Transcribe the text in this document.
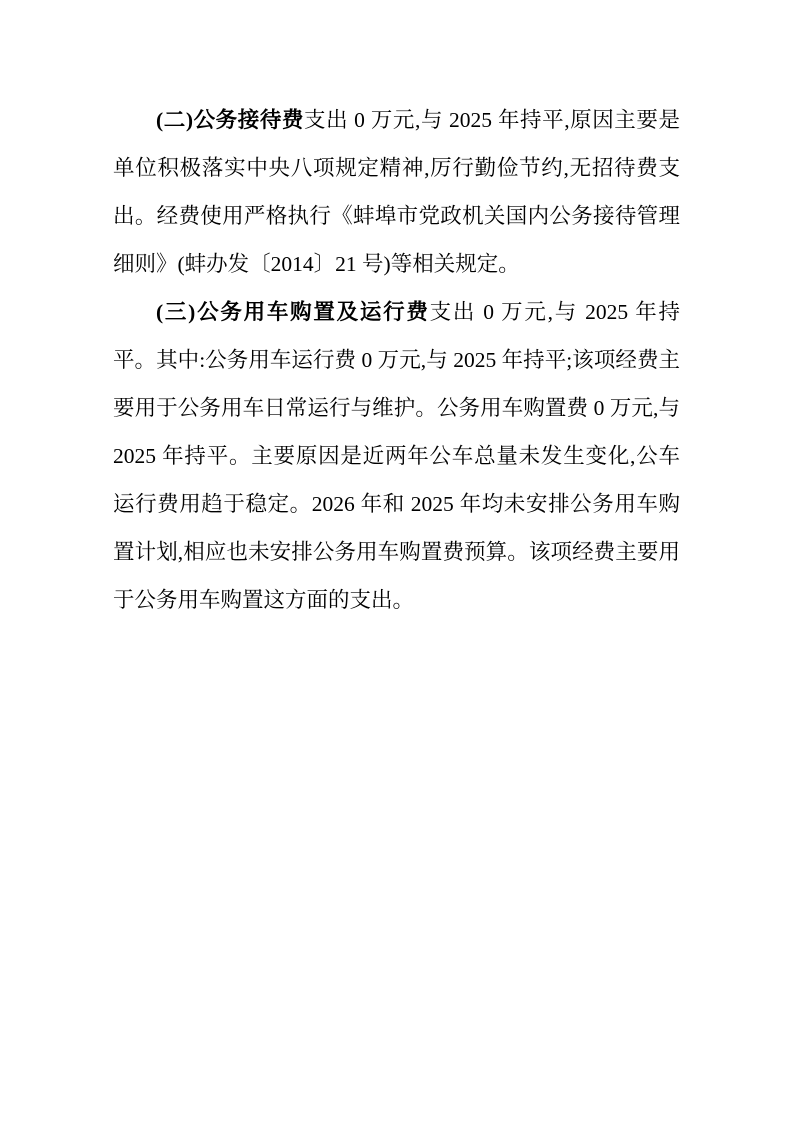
(二)公务接待费支出 0 万元,与 2025 年持平,原因主要是单位积极落实中央八项规定精神,厉行勤俭节约,无招待费支出。经费使用严格执行《蚌埠市党政机关国内公务接待管理细则》(蚌办发〔2014〕21 号)等相关规定。

(三)公务用车购置及运行费支出 0 万元,与 2025 年持平。其中:公务用车运行费 0 万元,与 2025 年持平;该项经费主要用于公务用车日常运行与维护。公务用车购置费 0 万元,与 2025 年持平。主要原因是近两年公车总量未发生变化,公车运行费用趋于稳定。2026 年和 2025 年均未安排公务用车购置计划,相应也未安排公务用车购置费预算。该项经费主要用于公务用车购置这方面的支出。
